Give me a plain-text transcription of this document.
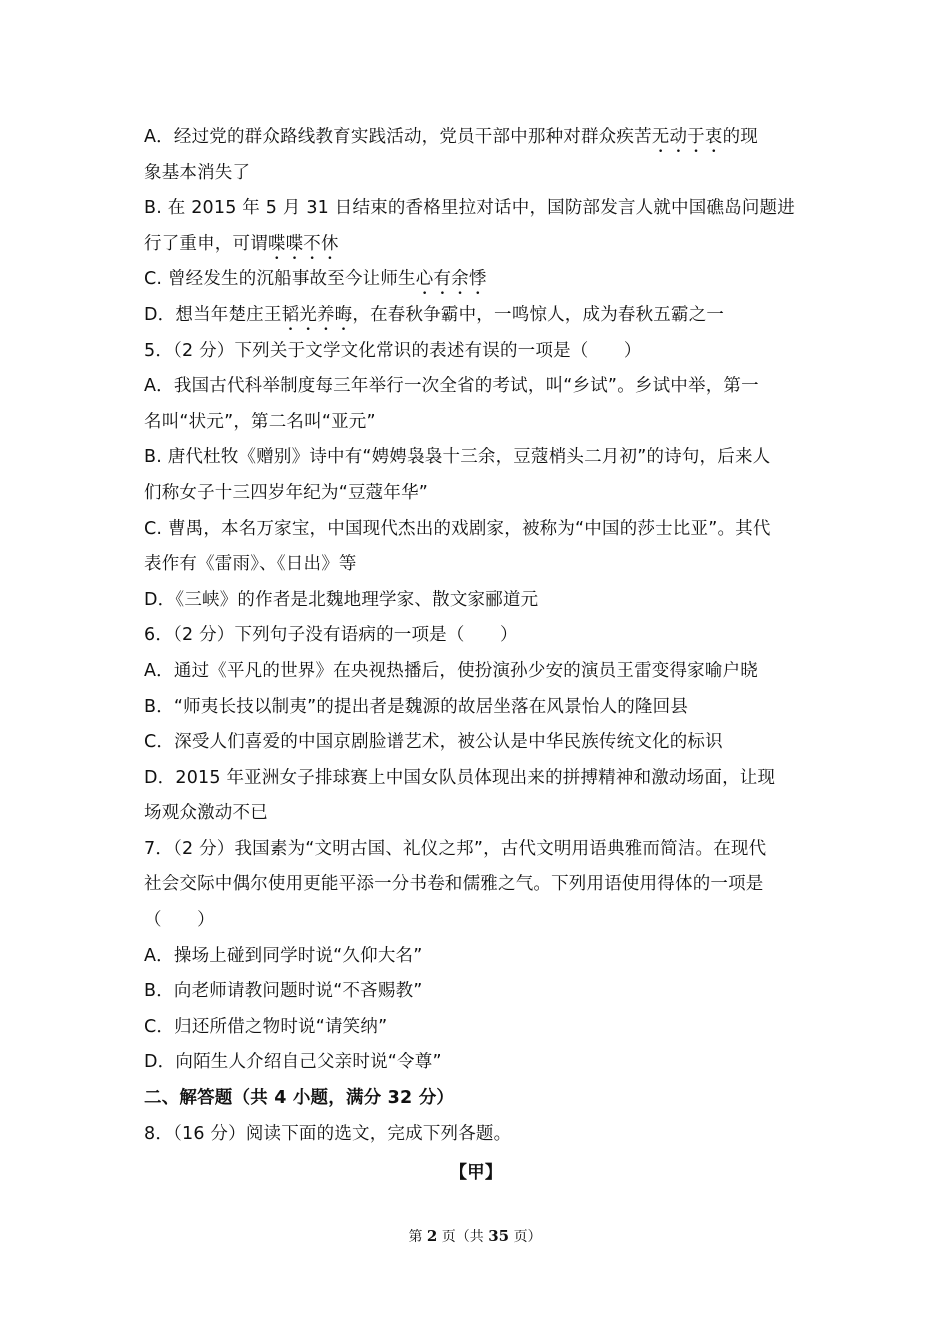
A．经过党的群众路线教育实践活动，党员干部中那种对群众疾苦无动于衷的现
象基本消失了
B. 在 2015 年 5 月 31 日结束的香格里拉对话中，国防部发言人就中国礁岛问题进
行了重申，可谓喋喋不休
C. 曾经发生的沉船事故至今让师生心有余悸
D．想当年楚庄王韬光养晦，在春秋争霸中，一鸣惊人，成为春秋五霸之一
5．（2 分）下列关于文学文化常识的表述有误的一项是（　　）
A．我国古代科举制度每三年举行一次全省的考试，叫“乡试”。乡试中举，第一
名叫“状元”，第二名叫“亚元”
B. 唐代杜牧《赠别》诗中有“娉娉袅袅十三余，豆蔻梢头二月初”的诗句，后来人
们称女子十三四岁年纪为“豆蔻年华”
C. 曹禺，本名万家宝，中国现代杰出的戏剧家，被称为“中国的莎士比亚”。其代
表作有《雷雨》、《日出》等
D．《三峡》的作者是北魏地理学家、散文家郦道元
6．（2 分）下列句子没有语病的一项是（　　）
A．通过《平凡的世界》在央视热播后，使扮演孙少安的演员王雷变得家喻户晓
B．“师夷长技以制夷”的提出者是魏源的故居坐落在风景怡人的隆回县
C．深受人们喜爱的中国京剧脸谱艺术，被公认是中华民族传统文化的标识
D．2015 年亚洲女子排球赛上中国女队员体现出来的拼搏精神和激动场面，让现
场观众激动不已
7．（2 分）我国素为“文明古国、礼仪之邦”，古代文明用语典雅而简洁。在现代
社会交际中偶尔使用更能平添一分书卷和儒雅之气。下列用语使用得体的一项是
（　　）
A．操场上碰到同学时说“久仰大名”
B．向老师请教问题时说“不吝赐教”
C．归还所借之物时说“请笑纳”
D．向陌生人介绍自己父亲时说“令尊”
二、解答题（共 4 小题，满分 32 分）
8．（16 分）阅读下面的选文，完成下列各题。
【甲】
第 2 页（共 35 页）
